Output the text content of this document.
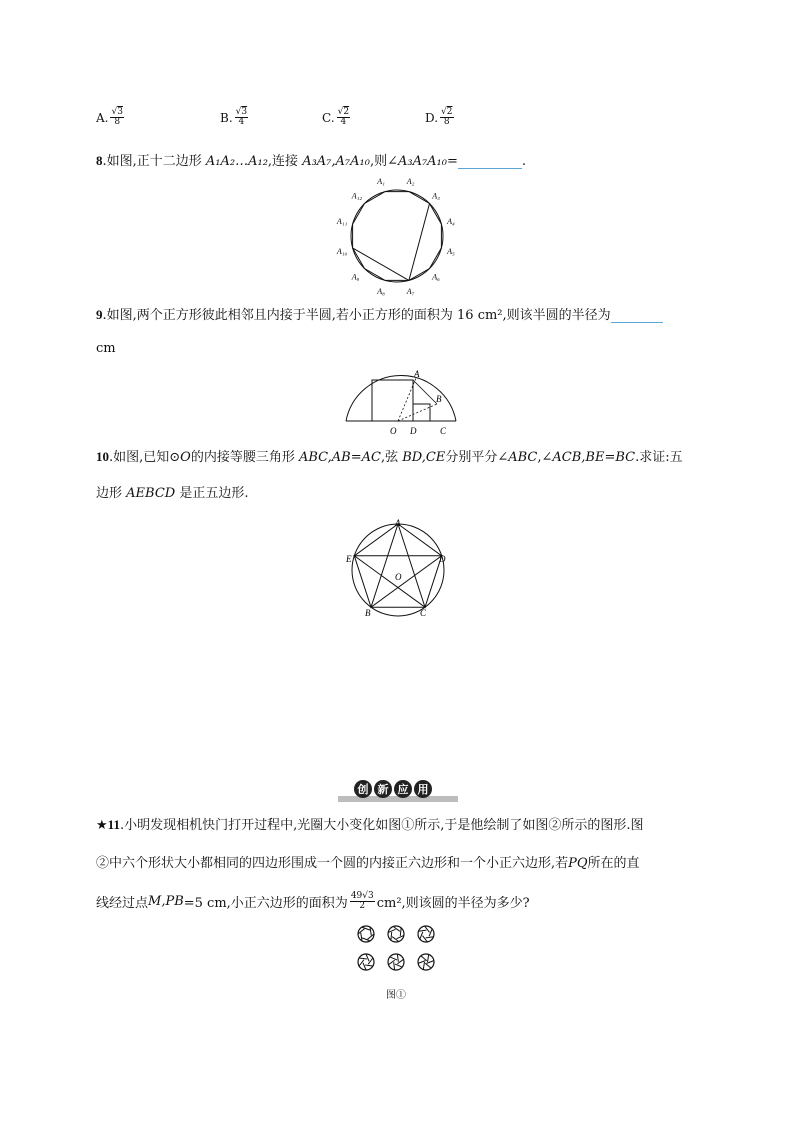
A. $\frac{√3}{8}$	B. $\frac{√3}{4}$	C. $\frac{√2}{4}$	D. $\frac{√2}{8}$
8.如图,正十二边形 A₁A₂…A₁₂,连接 A₃A₇,A₇A₁₀,则∠A₃A₇A₁₀=	.
A₁	A₂
A₃
A₄
A₅
A₆
A₇
A₈
A₉
A₁₀
A₁₁
A₁₂
9.如图,两个正方形彼此相邻且内接于半圆,若小正方形的面积为 16 cm²,则该半圆的半径为
cm
A
B
O D	C
10.如图,已知⊙O的内接等腰三角形 ABC,AB=AC,弦 BD,CE分别平分∠ABC,∠ACB,BE=BC.求证:五
边形 AEBCD 是正五边形.
A
D
C
B
E
O
创 新 应 用
★11.小明发现相机快门打开过程中,光圈大小变化如图①所示,于是他绘制了如图②所示的图形.图
②中六个形状大小都相同的四边形围成一个圆的内接正六边形和一个小正六边形,若PQ所在的直
线经过点 M,PB =5 cm,小正六边形的面积为 $\frac{49√3}{2} cm^2$,则该圆的半径为多少?
图①
